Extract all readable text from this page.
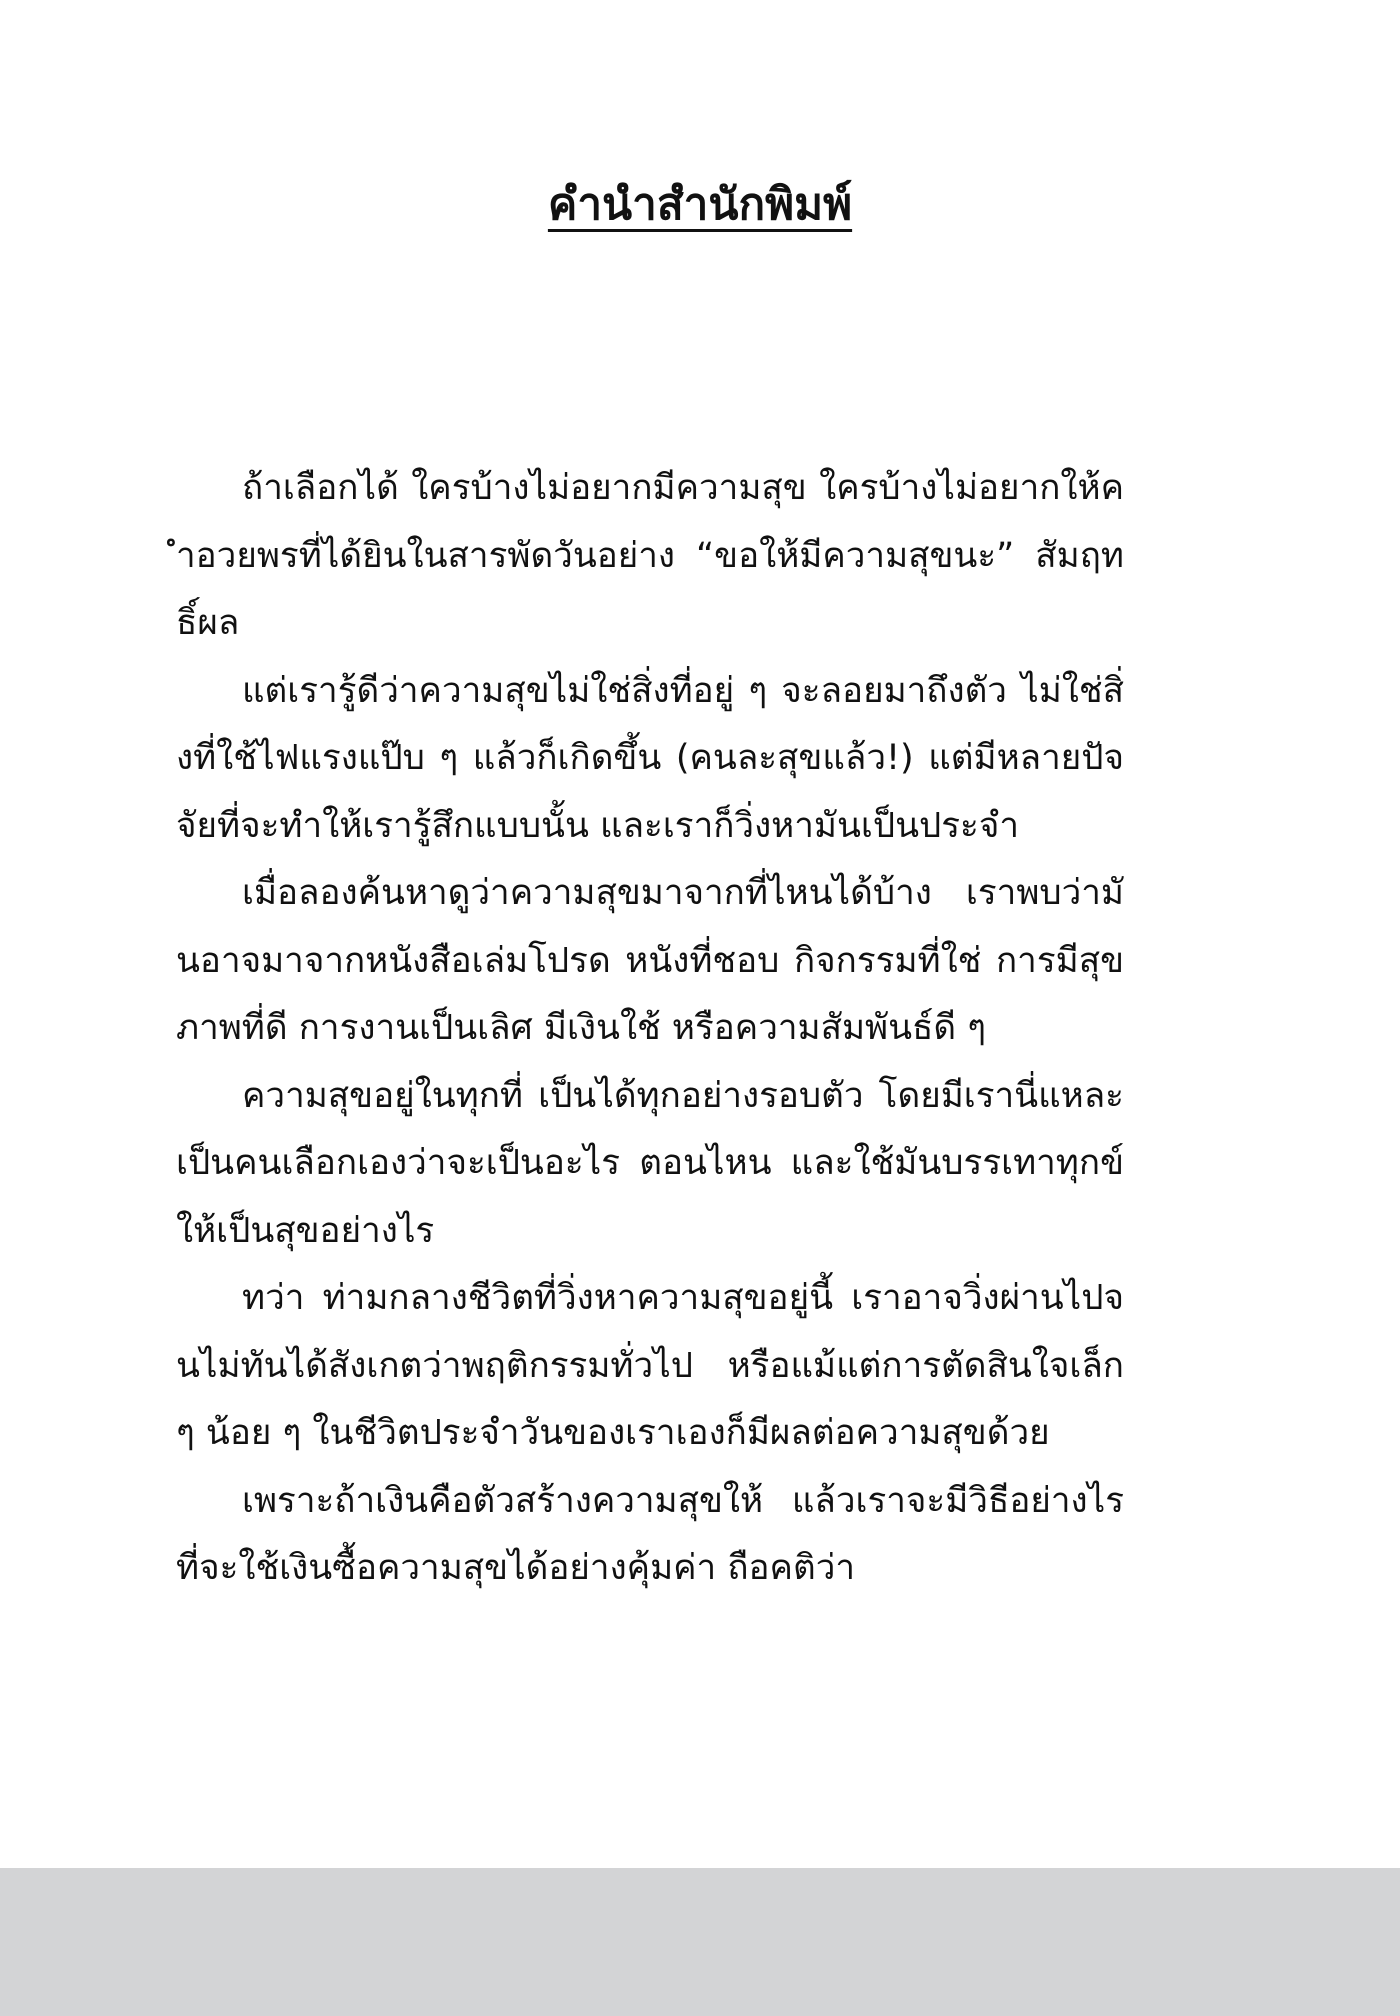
คำนำสำนักพิมพ์

ถ้าเลือกได้ ใครบ้างไม่อยากมีความสุข ใครบ้างไม่อยากให้คำอวยพรที่ได้ยินในสารพัดวันอย่าง “ขอให้มีความสุขนะ” สัมฤทธิ์ผล

แต่เรารู้ดีว่าความสุขไม่ใช่สิ่งที่อยู่ ๆ จะลอยมาถึงตัว ไม่ใช่สิ่งที่ใช้ไฟแรงแป๊บ ๆ แล้วก็เกิดขึ้น (คนละสุขแล้ว!) แต่มีหลายปัจจัยที่จะทำให้เรารู้สึกแบบนั้น และเราก็วิ่งหามันเป็นประจำ

เมื่อลองค้นหาดูว่าความสุขมาจากที่ไหนได้บ้าง เราพบว่ามันอาจมาจากหนังสือเล่มโปรด หนังที่ชอบ กิจกรรมที่ใช่ การมีสุขภาพที่ดี การงานเป็นเลิศ มีเงินใช้ หรือความสัมพันธ์ดี ๆ

ความสุขอยู่ในทุกที่ เป็นได้ทุกอย่างรอบตัว โดยมีเรานี่แหละเป็นคนเลือกเองว่าจะเป็นอะไร ตอนไหน และใช้มันบรรเทาทุกข์ให้เป็นสุขอย่างไร

ทว่า ท่ามกลางชีวิตที่วิ่งหาความสุขอยู่นี้ เราอาจวิ่งผ่านไปจนไม่ทันได้สังเกตว่าพฤติกรรมทั่วไป หรือแม้แต่การตัดสินใจเล็ก ๆ น้อย ๆ ในชีวิตประจำวันของเราเองก็มีผลต่อความสุขด้วย

เพราะถ้าเงินคือตัวสร้างความสุขให้ แล้วเราจะมีวิธีอย่างไรที่จะใช้เงินซื้อความสุขได้อย่างคุ้มค่า ถือคติว่า
